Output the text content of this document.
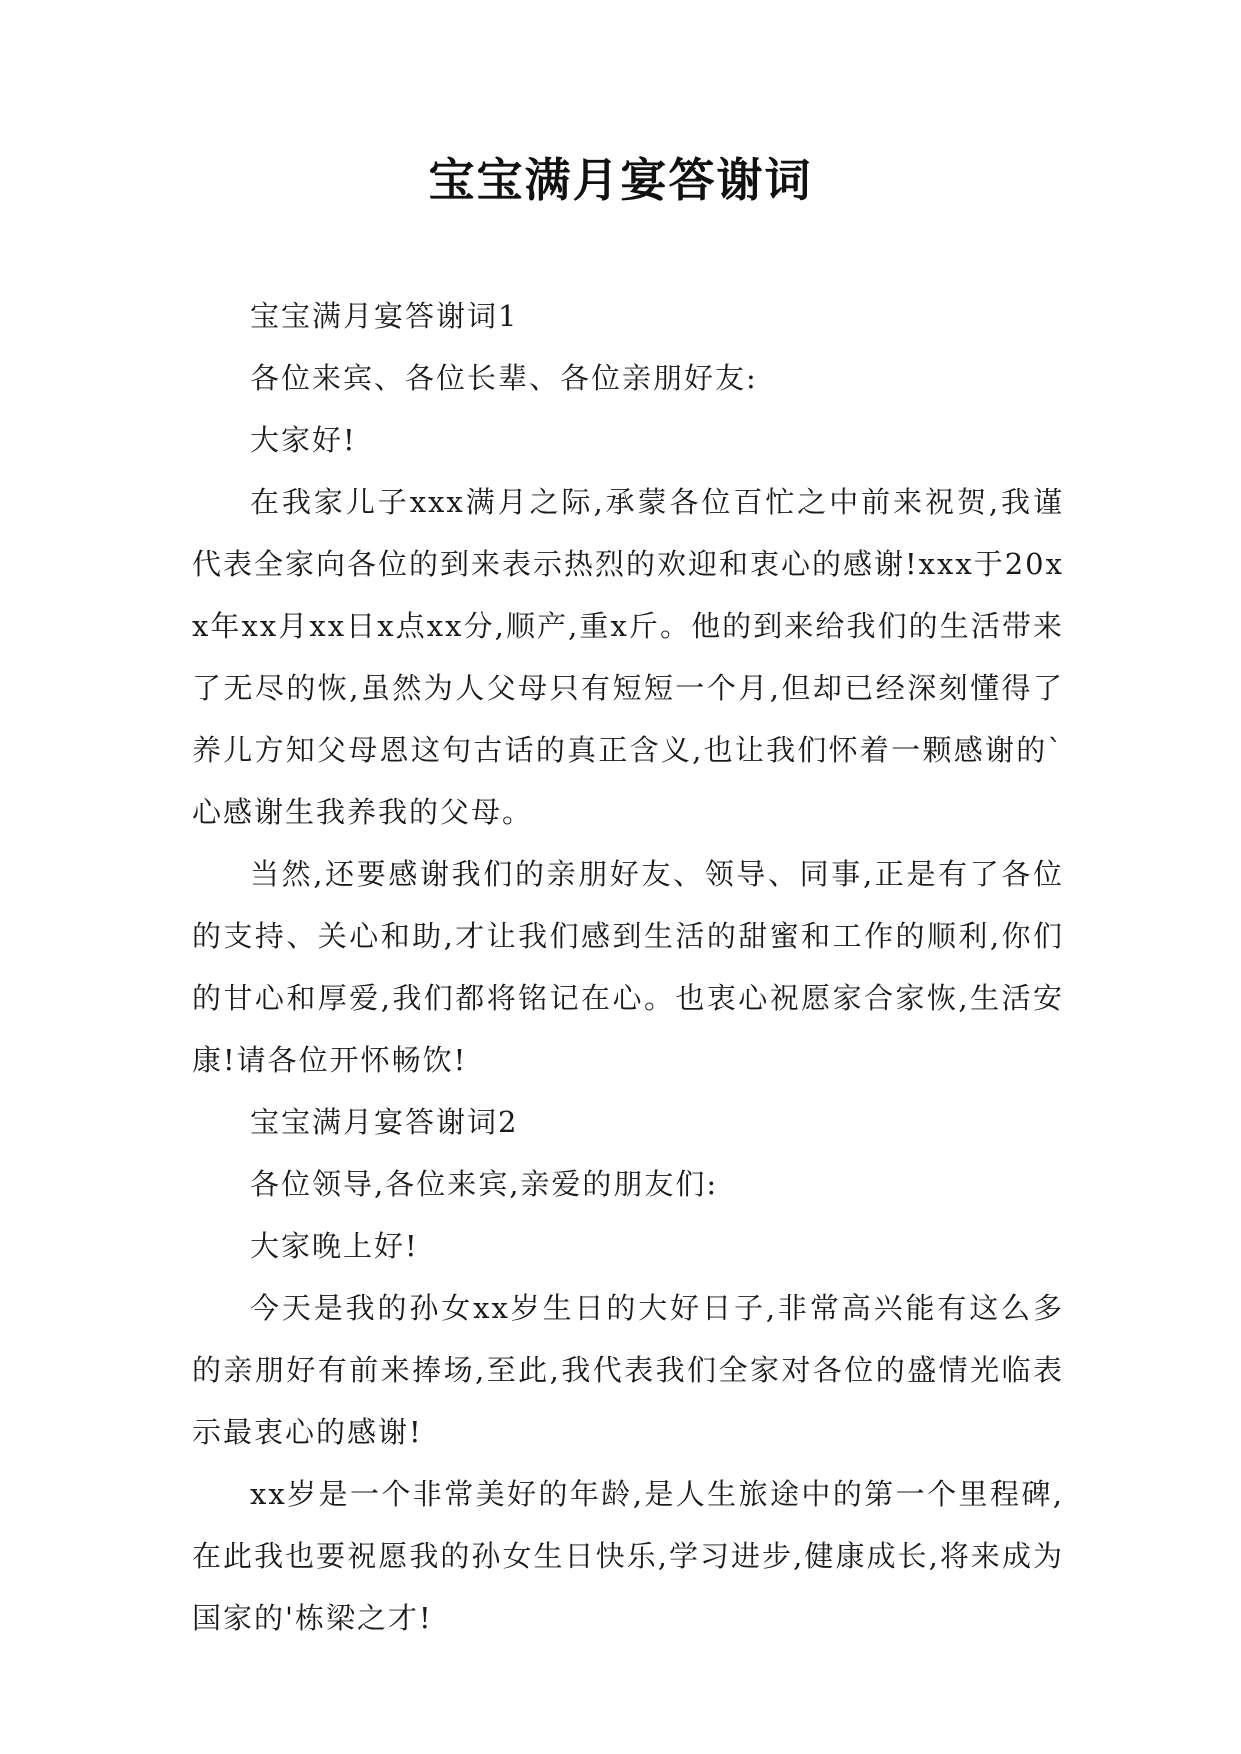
宝宝满月宴答谢词

宝宝满月宴答谢词1

各位来宾、各位长辈、各位亲朋好友:

大家好!

在我家儿子xxx满月之际,承蒙各位百忙之中前来祝贺,我谨代表全家向各位的到来表示热烈的欢迎和衷心的感谢!xxx于20xx年xx月xx日x点xx分,顺产,重x斤。他的到来给我们的生活带来了无尽的恢,虽然为人父母只有短短一个月,但却已经深刻懂得了养儿方知父母恩这句古话的真正含义,也让我们怀着一颗感谢的`心感谢生我养我的父母。

当然,还要感谢我们的亲朋好友、领导、同事,正是有了各位的支持、关心和助,才让我们感到生活的甜蜜和工作的顺利,你们的甘心和厚爱,我们都将铭记在心。也衷心祝愿家合家恢,生活安康!请各位开怀畅饮!

宝宝满月宴答谢词2

各位领导,各位来宾,亲爱的朋友们:

大家晚上好!

今天是我的孙女xx岁生日的大好日子,非常高兴能有这么多的亲朋好有前来捧场,至此,我代表我们全家对各位的盛情光临表示最衷心的感谢!

xx岁是一个非常美好的年龄,是人生旅途中的第一个里程碑,在此我也要祝愿我的孙女生日快乐,学习进步,健康成长,将来成为国家的'栋梁之才!
